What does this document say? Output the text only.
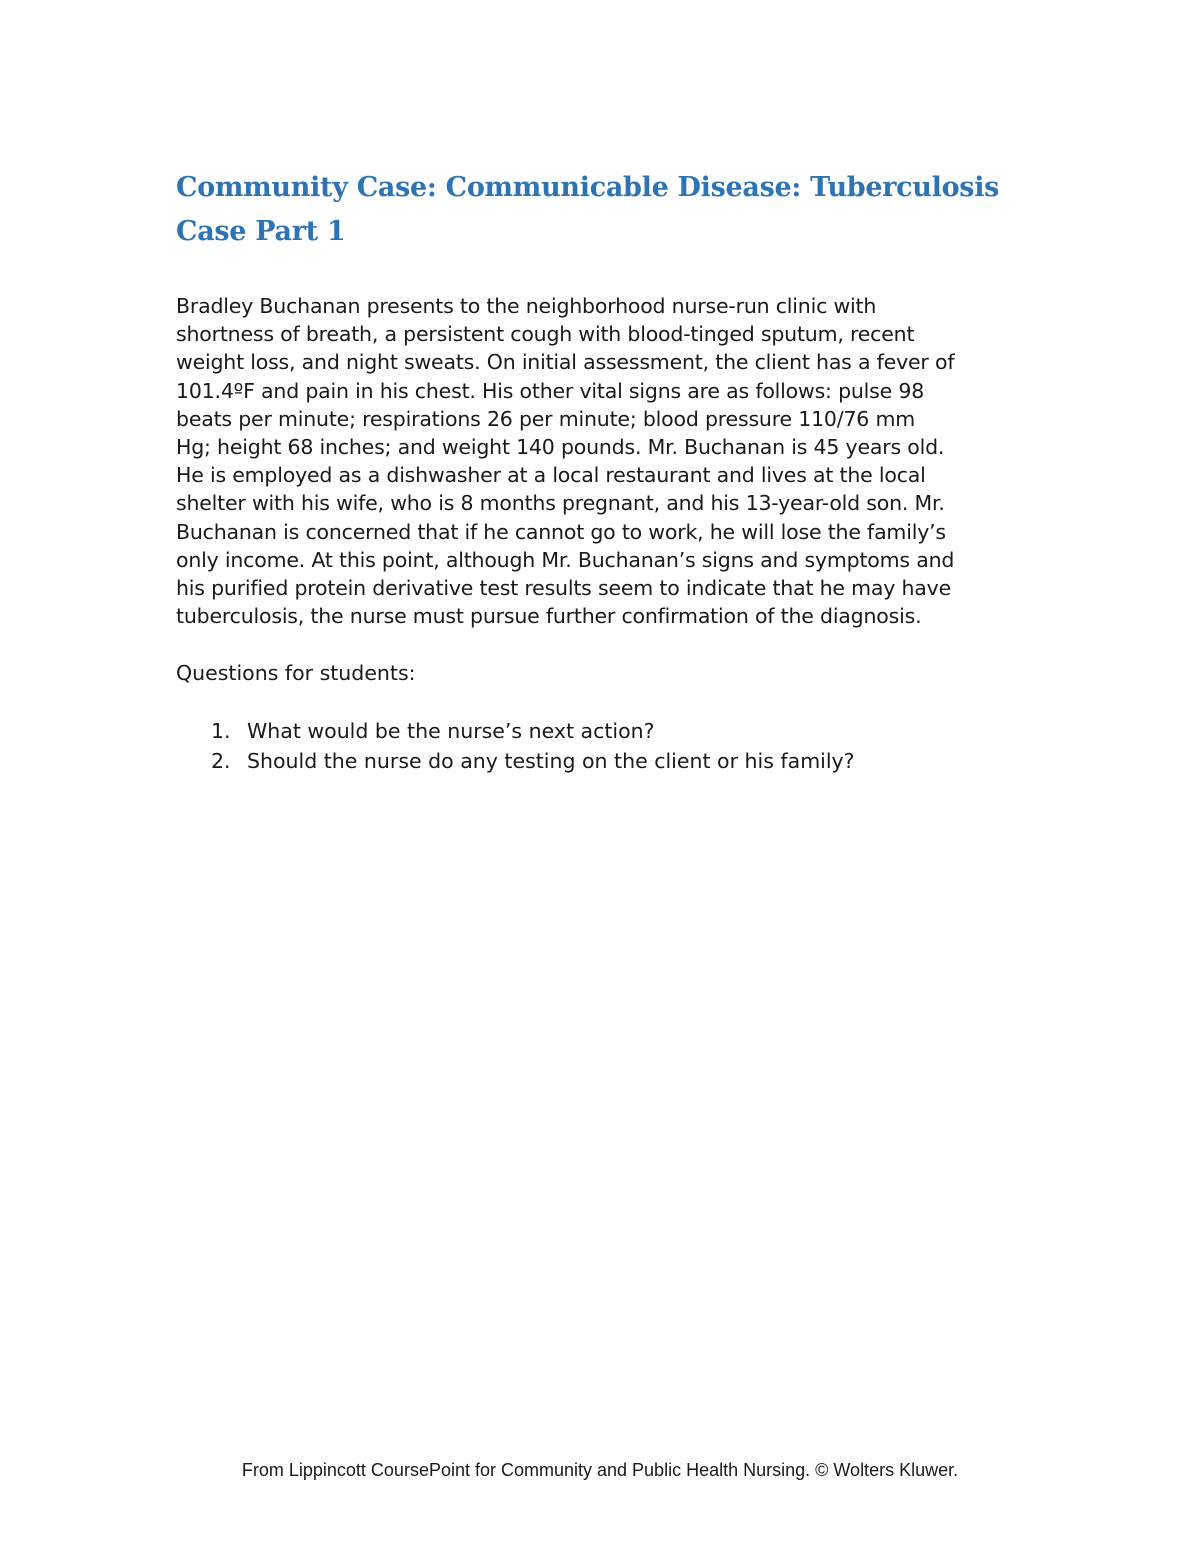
Community Case: Communicable Disease: Tuberculosis
Case Part 1

Bradley Buchanan presents to the neighborhood nurse-run clinic with
shortness of breath, a persistent cough with blood-tinged sputum, recent
weight loss, and night sweats. On initial assessment, the client has a fever of
101.4ºF and pain in his chest. His other vital signs are as follows: pulse 98
beats per minute; respirations 26 per minute; blood pressure 110/76 mm
Hg; height 68 inches; and weight 140 pounds. Mr. Buchanan is 45 years old.
He is employed as a dishwasher at a local restaurant and lives at the local
shelter with his wife, who is 8 months pregnant, and his 13-year-old son. Mr.
Buchanan is concerned that if he cannot go to work, he will lose the family’s
only income. At this point, although Mr. Buchanan’s signs and symptoms and
his purified protein derivative test results seem to indicate that he may have
tuberculosis, the nurse must pursue further confirmation of the diagnosis.

Questions for students:

1. What would be the nurse’s next action?
2. Should the nurse do any testing on the client or his family?
From Lippincott CoursePoint for Community and Public Health Nursing. © Wolters Kluwer.
